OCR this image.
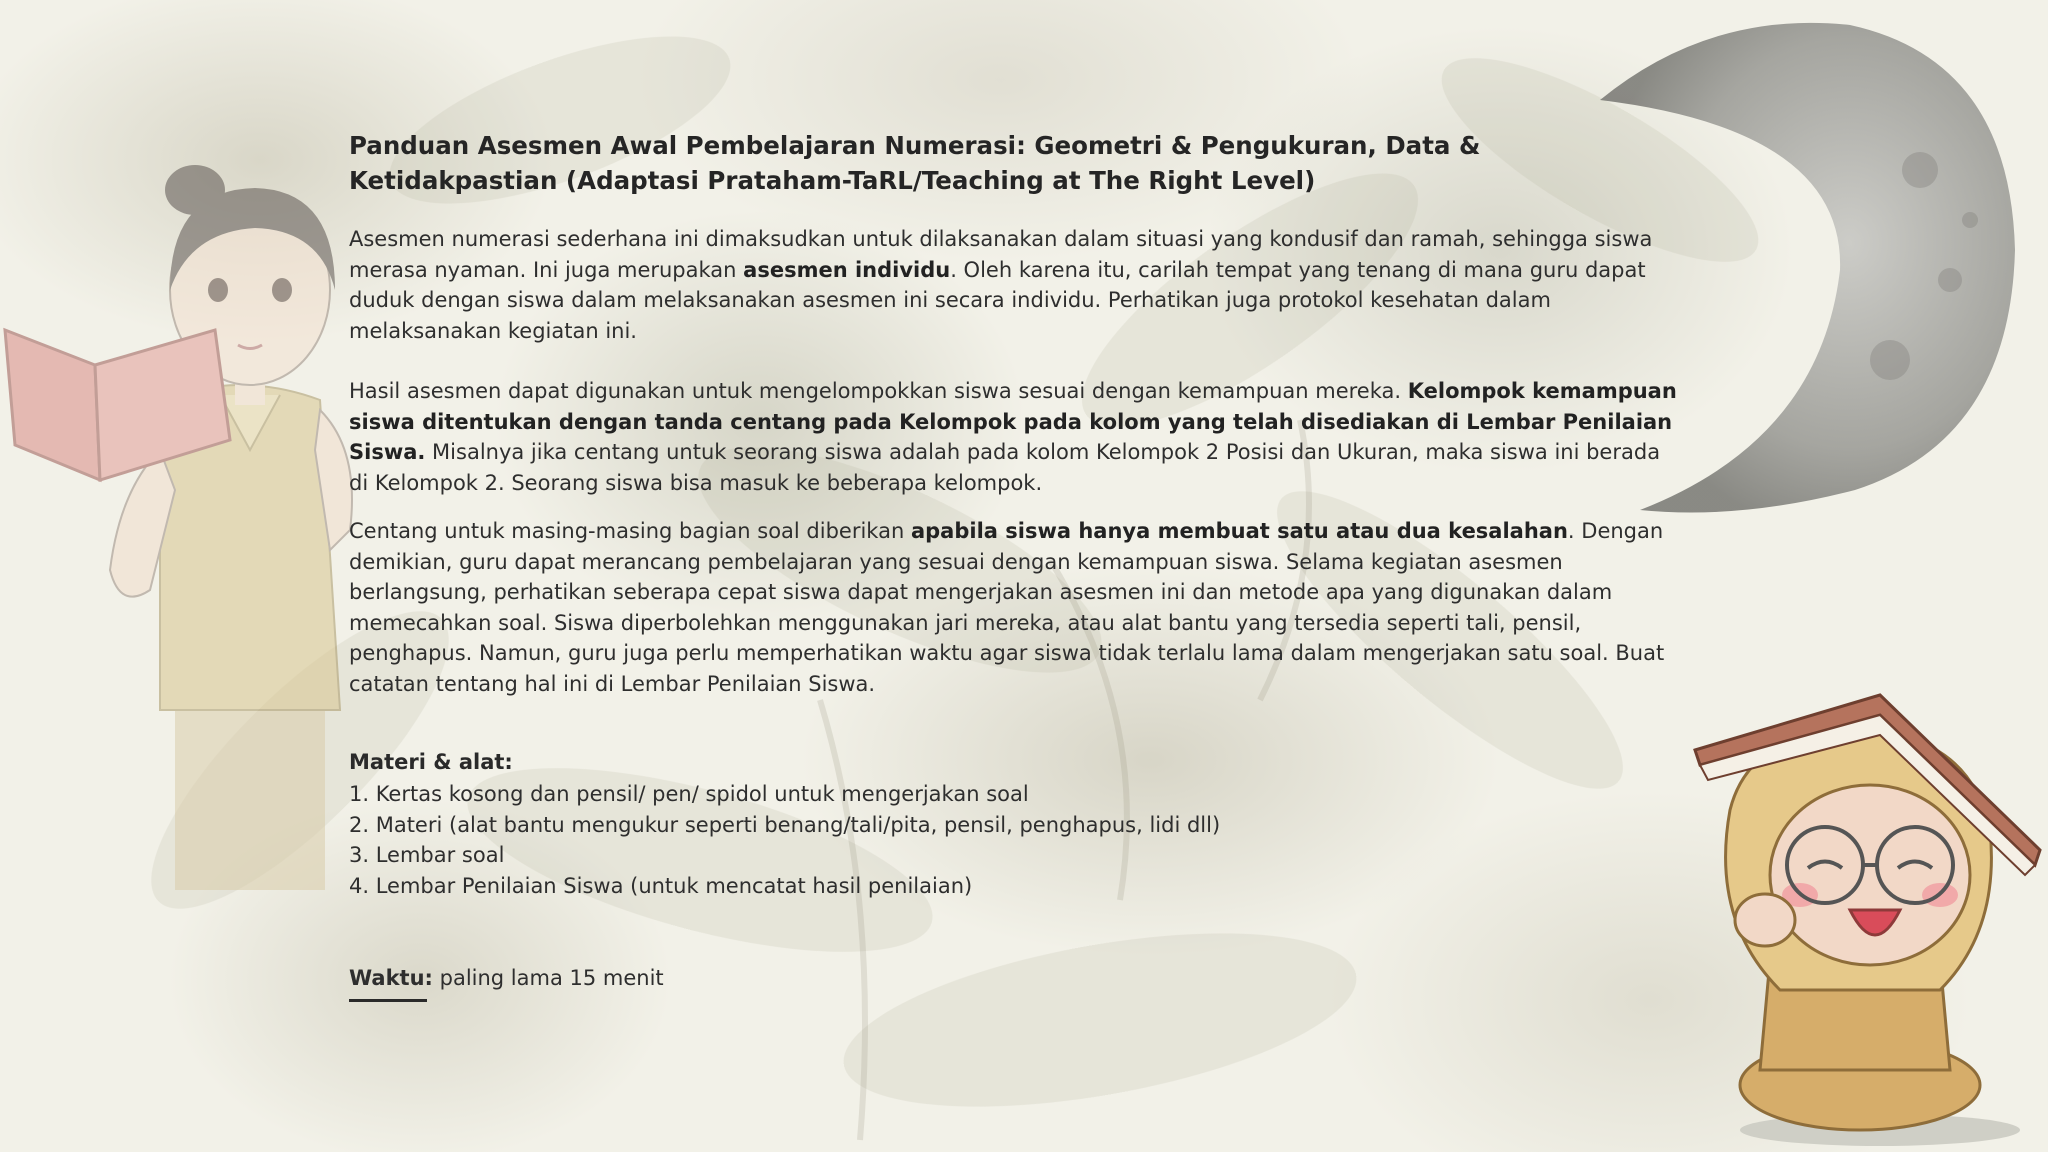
Panduan Asesmen Awal Pembelajaran Numerasi: Geometri & Pengukuran, Data & Ketidakpastian (Adaptasi Prataham-TaRL/Teaching at The Right Level)

Asesmen numerasi sederhana ini dimaksudkan untuk dilaksanakan dalam situasi yang kondusif dan ramah, sehingga siswa merasa nyaman. Ini juga merupakan asesmen individu. Oleh karena itu, carilah tempat yang tenang di mana guru dapat duduk dengan siswa dalam melaksanakan asesmen ini secara individu. Perhatikan juga protokol kesehatan dalam melaksanakan kegiatan ini.

Hasil asesmen dapat digunakan untuk mengelompokkan siswa sesuai dengan kemampuan mereka. Kelompok kemampuan siswa ditentukan dengan tanda centang pada Kelompok pada kolom yang telah disediakan di Lembar Penilaian Siswa. Misalnya jika centang untuk seorang siswa adalah pada kolom Kelompok 2 Posisi dan Ukuran, maka siswa ini berada di Kelompok 2. Seorang siswa bisa masuk ke beberapa kelompok.

Centang untuk masing-masing bagian soal diberikan apabila siswa hanya membuat satu atau dua kesalahan. Dengan demikian, guru dapat merancang pembelajaran yang sesuai dengan kemampuan siswa. Selama kegiatan asesmen berlangsung, perhatikan seberapa cepat siswa dapat mengerjakan asesmen ini dan metode apa yang digunakan dalam memecahkan soal. Siswa diperbolehkan menggunakan jari mereka, atau alat bantu yang tersedia seperti tali, pensil, penghapus. Namun, guru juga perlu memperhatikan waktu agar siswa tidak terlalu lama dalam mengerjakan satu soal. Buat catatan tentang hal ini di Lembar Penilaian Siswa.

Materi & alat:
1. Kertas kosong dan pensil/ pen/ spidol untuk mengerjakan soal
2. Materi (alat bantu mengukur seperti benang/tali/pita, pensil, penghapus, lidi dll)
3. Lembar soal
4. Lembar Penilaian Siswa (untuk mencatat hasil penilaian)
Waktu: paling lama 15 menit
